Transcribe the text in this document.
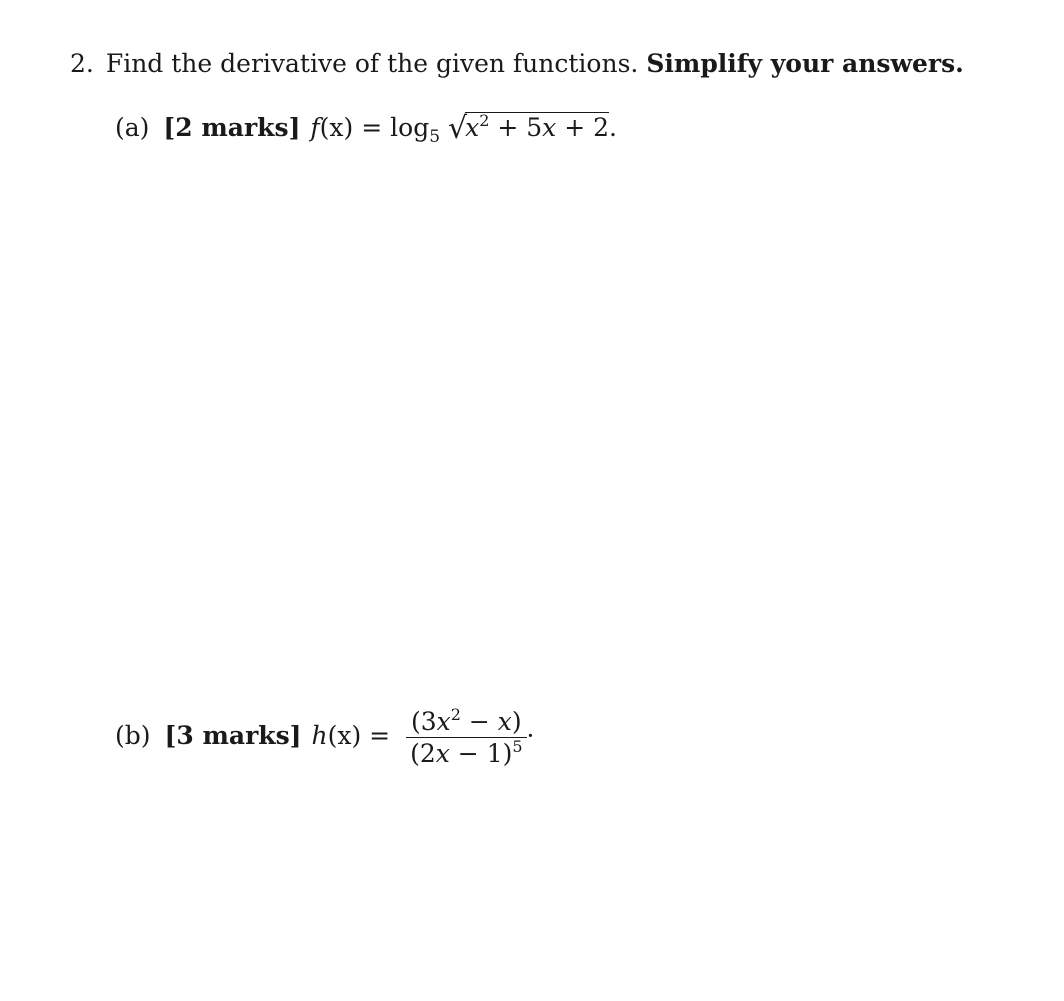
2. Find the derivative of the given functions. Simplify your answers.
(a) [2 marks] $f(x) = \log_5 √x^2 + 5x + 2$.
(b) [3 marks] $h(x) = \frac{(3x^2 - x)}{(2x - 1)^5}$ ·
